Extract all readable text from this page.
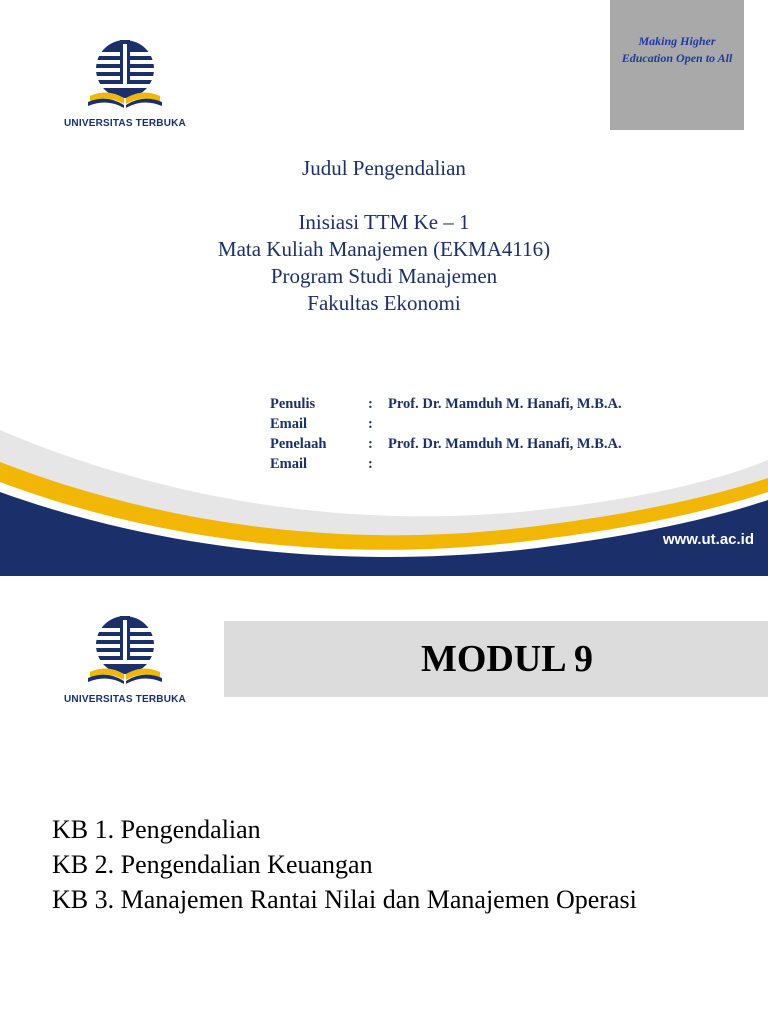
UNIVERSITAS TERBUKA
Making Higher Education Open to All
Judul Pengendalian
Inisiasi TTM Ke – 1
Mata Kuliah Manajemen (EKMA4116)
Program Studi Manajemen
Fakultas Ekonomi
Penulis	:	Prof. Dr. Mamduh M. Hanafi, M.B.A.
Email	:
Penelaah	:	Prof. Dr. Mamduh M. Hanafi, M.B.A.
Email	:
www.ut.ac.id
UNIVERSITAS TERBUKA
MODUL 9
KB 1. Pengendalian
KB 2. Pengendalian Keuangan
KB 3. Manajemen Rantai Nilai dan Manajemen Operasi
